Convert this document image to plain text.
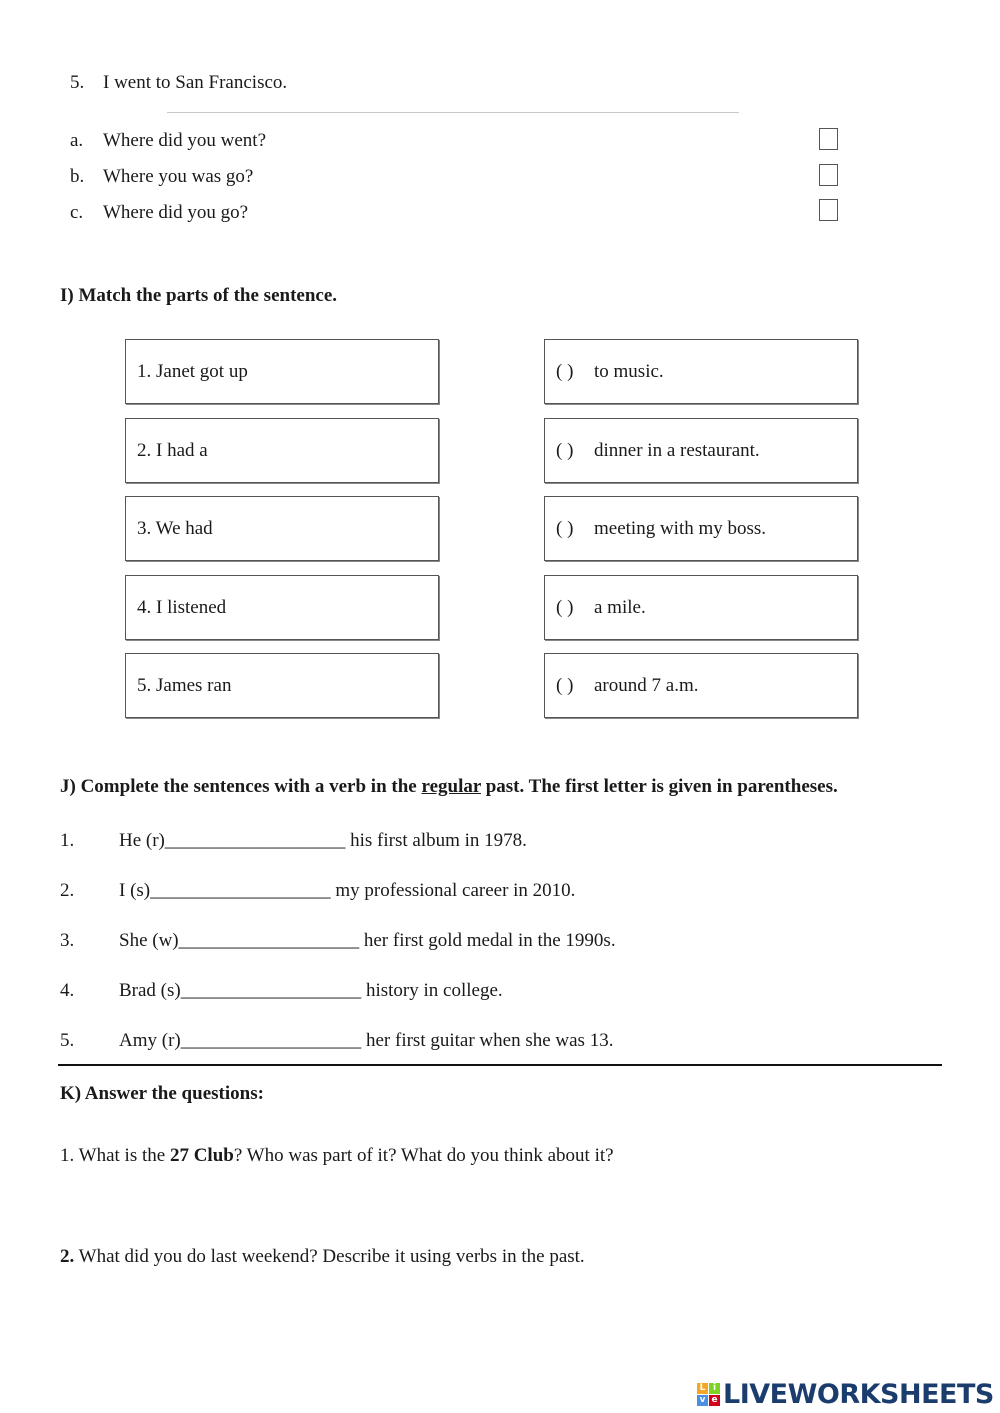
5. I went to San Francisco.
a. Where did you went?
b. Where you was go?
c. Where did you go?
I) Match the parts of the sentence.
1. Janet got up
2. I had a
3. We had
4. I listened
5. James ran
( )	to music.
( )	dinner in a restaurant.
( )	meeting with my boss.
( )	a mile.
( )	around 7 a.m.
J) Complete the sentences with a verb in the regular past. The first letter is given in parentheses.
1. He (r)___________________ his first album in 1978.
2. I (s)___________________ my professional career in 2010.
3. She (w)___________________ her first gold medal in the 1990s.
4. Brad (s)___________________ history in college.
5. Amy (r)___________________ her first guitar when she was 13.
K) Answer the questions:
1. What is the 27 Club? Who was part of it? What do you think about it?
2. What did you do last weekend? Describe it using verbs in the past.
L i
v e LIVEWORKSHEETS
